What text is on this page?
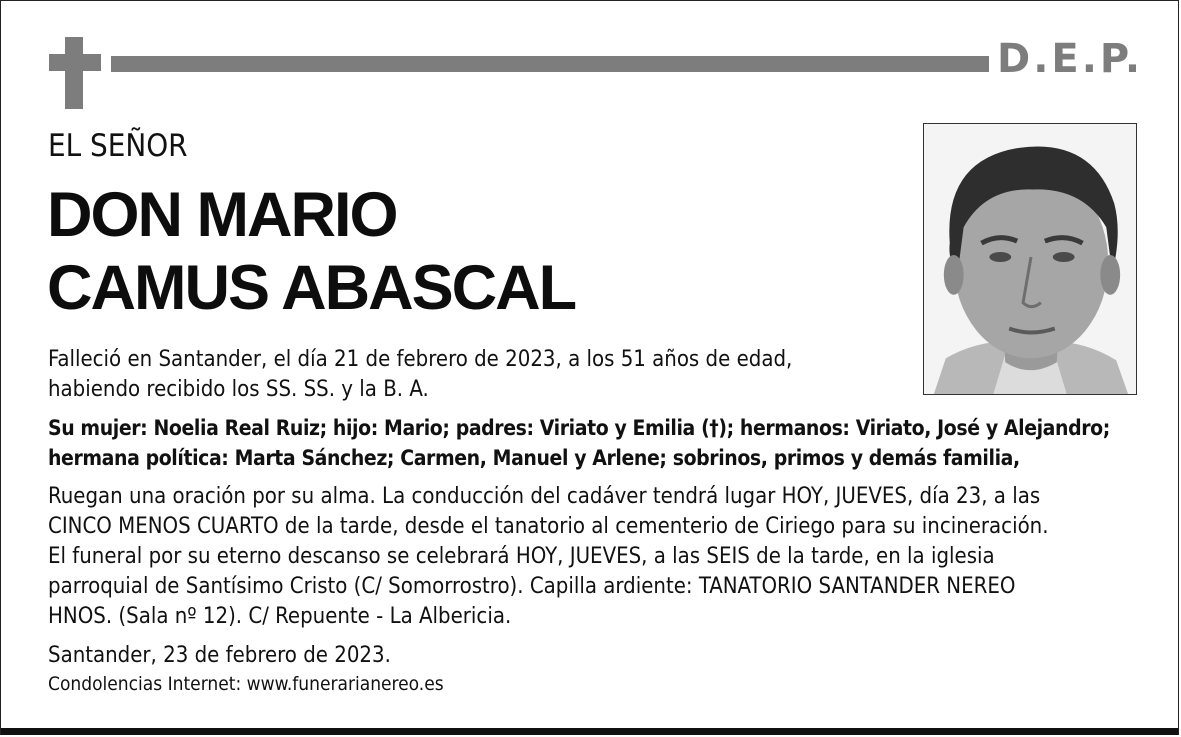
D.E.P.
EL SEÑOR
DON MARIO
CAMUS ABASCAL

Falleció en Santander, el día 21 de febrero de 2023, a los 51 años de edad,
habiendo recibido los SS. SS. y la B. A.

Su mujer: Noelia Real Ruiz; hijo: Mario; padres: Viriato y Emilia (†); hermanos: Viriato, José y Alejandro;
hermana política: Marta Sánchez; Carmen, Manuel y Arlene; sobrinos, primos y demás familia,

Ruegan una oración por su alma. La conducción del cadáver tendrá lugar HOY, JUEVES, día 23, a las
CINCO MENOS CUARTO de la tarde, desde el tanatorio al cementerio de Ciriego para su incineración.
El funeral por su eterno descanso se celebrará HOY, JUEVES, a las SEIS de la tarde, en la iglesia
parroquial de Santísimo Cristo (C/ Somorrostro). Capilla ardiente: TANATORIO SANTANDER NEREO
HNOS. (Sala nº 12). C/ Repuente - La Albericia.

Santander, 23 de febrero de 2023.

Condolencias Internet: www.funerarianereo.es
